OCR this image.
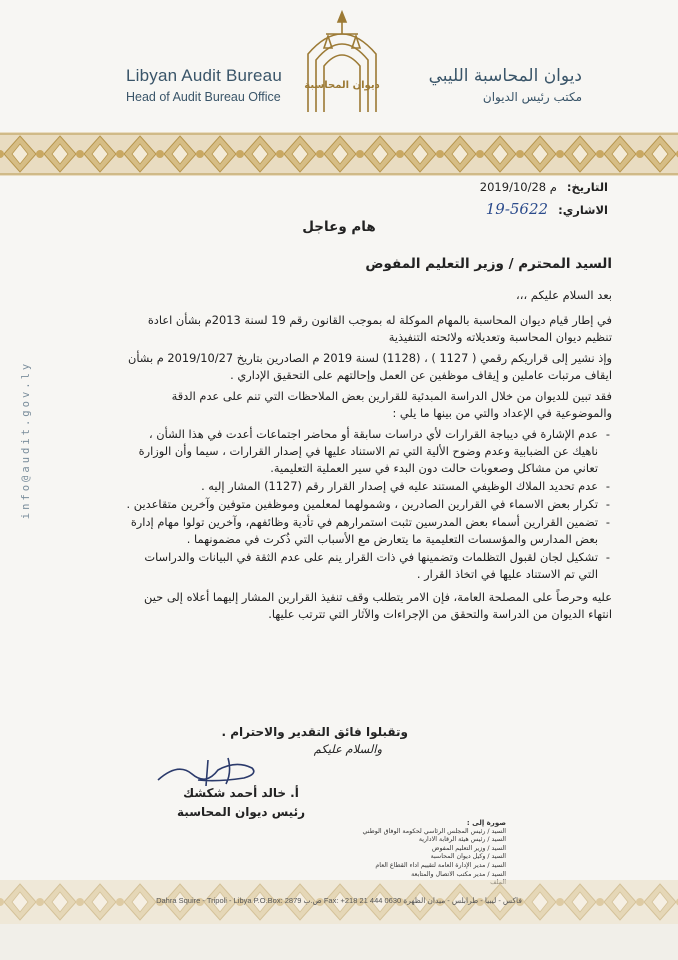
ديوان المحاسبة
Libyan Audit Bureau
Head of Audit Bureau Office
ديوان المحاسبة الليبي
مكتب رئيس الديوان
info@audit.gov.ly
التاريخ: 2019/10/28 م
الاشاري: 19-5622
هام وعاجل
السيد المحترم / وزير التعليم المفوض
بعد السلام عليكم ،،،

في إطار قيام ديوان المحاسبة بالمهام الموكلة له بموجب القانون رقم 19 لسنة 2013م بشأن اعادة تنظيم ديوان المحاسبة وتعديلاته ولائحته التنفيذية

وإذ نشير إلى قراريكم رقمي ( 1127 ) ، (1128) لسنة 2019 م الصادرين بتاريخ 2019/10/27 م بشأن ايقاف مرتبات عاملين و إيقاف موظفين عن العمل وإحالتهم على التحقيق الإداري .

فقد تبين للديوان من خلال الدراسة المبدئية للقرارين بعض الملاحظات التي تنم على عدم الدقة والموضوعية في الإعداد والتي من بينها ما يلي :

- عدم الإشارة في ديباجة القرارات لأي دراسات سابقة أو محاضر اجتماعات أعدت في هذا الشأن ، ناهيك عن الضبابية وعدم وضوح الألية التي تم الاستناد عليها في إصدار القرارات ، سيما وأن الوزارة تعاني من مشاكل وصعوبات حالت دون البدء في سير العملية التعليمية.
- عدم تحديد الملاك الوظيفي المستند عليه في إصدار القرار رقم (1127) المشار إليه .
- تكرار بعض الاسماء في القرارين الصادرين ، وشمولهما لمعلمين وموظفين متوفين وآخرين متقاعدين .
- تضمين القرارين أسماء بعض المدرسين تثبت استمرارهم في تأدية وظائفهم، وآخرين تولوا مهام إدارة بعض المدارس والمؤسسات التعليمية ما يتعارض مع الأسباب التي ذُكرت في مضمونهما .
- تشكيل لجان لقبول التظلمات وتضمينها في ذات القرار ينم على عدم الثقة في البيانات والدراسات التي تم الاستناد عليها في اتخاذ القرار .

عليه وحرصاً على المصلحة العامة، فإن الامر يتطلب وقف تنفيذ القرارين المشار إليهما أعلاه إلى حين انتهاء الديوان من الدراسة والتحقق من الإجراءات والآثار التي تترتب عليها.

وتقبلوا فائق التقدير والاحترام .
والسلام عليكم
أ. خالد أحمد شكشك
رئيس ديوان المحاسبة
صورة إلى :
السيد / رئيس المجلس الرئاسي لحكومة الوفاق الوطني
السيد / رئيس هيئة الرقابة الادارية
السيد / وزير التعليم المفوض
السيد / وكيل ديوان المحاسبة
السيد / مدير الإدارة العامة لتقييم اداء القطاع العام
السيد / مدير مكتب الاتصال والمتابعة
Dahra Squire - Tripoli - Libya P.O.Box: 2879 ص.ب Fax: +218 21 444 0630 فاكس - ليبيا - طرابلس - ميدان الظهرة
